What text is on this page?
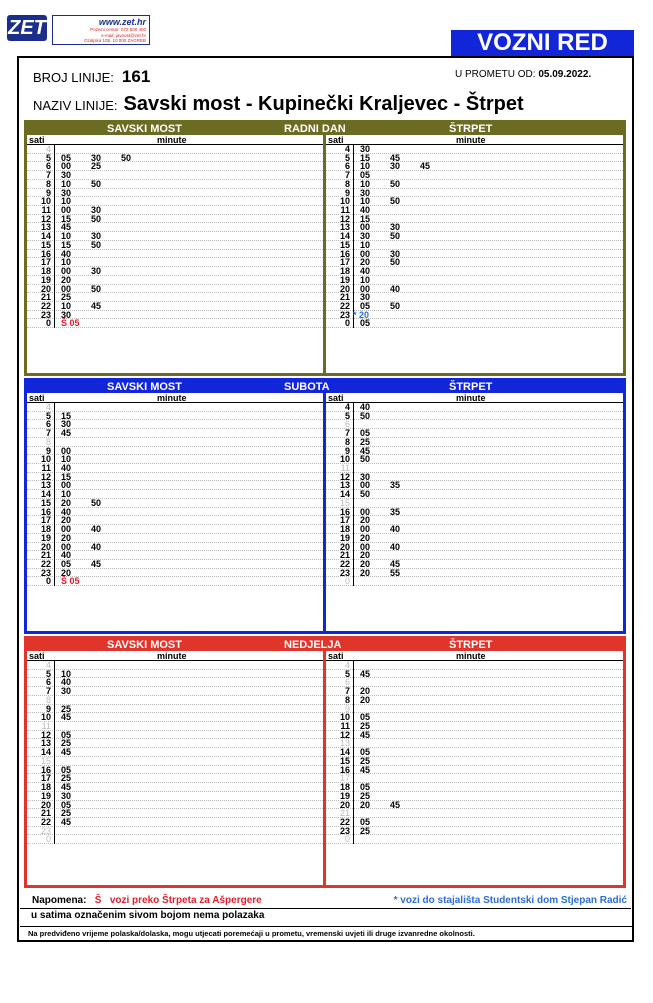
ZET	www.zet.hr
Pozivni centar: 072 500 400
e-mail: javnost@zet.hr
Ozaljska 105, 10 000 ZAGREB	VOZNI RED
BROJ LINIJE: 161	U PROMETU OD: 05.09.2022.
NAZIV LINIJE: Savski most - Kupinečki Kraljevec - Štrpet
SAVSKI MOST	RADNI DAN	ŠTRPET
sati	minute
4
5 05 30 50
6 00 25
7 30
8 10 50
9 30
10 10
11 00 30
12 15 50
13 45
14 10 30
15 15 50
16 40
17 10
18 00 30
19 20
20 00 50
21 25
22 10 45
23 30
0 Š 05
sati	minute
4 30
5 15 45
6 10 30 45
7 05
8 10 50
9 30
10 10 50
11 40
12 15
13 00 30
14 30 50
15 10
16 00 30
17 20 50
18 40
19 10
20 00 40
21 30
22 05 50
23 * 20
0 05
SAVSKI MOST	SUBOTA	ŠTRPET
sati	minute
4
5 15
6 30
7 45
8
9 00
10 10
11 40
12 15
13 00
14 10
15 20 50
16 40
17 20
18 00 40
19 20
20 00 40
21 40
22 05 45
23 20
0 Š 05
sati	minute
4 40
5 50
6
7 05
8 25
9 45
10 50
11
12 30
13 00 35
14 50
15
16 00 35
17 20
18 00 40
19 20
20 00 40
21 20
22 20 45
23 20 55
0
SAVSKI MOST	NEDJELJA	ŠTRPET
sati	minute
4
5 10
6 40
7 30
8
9 25
10 45
11
12 05
13 25
14 45
15
16 05
17 25
18 45
19 30
20 05
21 25
22 45
23
0
sati	minute
4
5 45
6
7 20
8 20
9
10 05
11 25
12 45
13
14 05
15 25
16 45
17
18 05
19 25
20 20 45
21
22 05
23 25
0
Napomena: Š vozi preko Štrpeta za Ašpergere	* vozi do stajališta Studentski dom Stjepan Radić
u satima označenim sivom bojom nema polazaka
Na predviđeno vrijeme polaska/dolaska, mogu utjecati poremećaji u prometu, vremenski uvjeti ili druge izvanredne okolnosti.
